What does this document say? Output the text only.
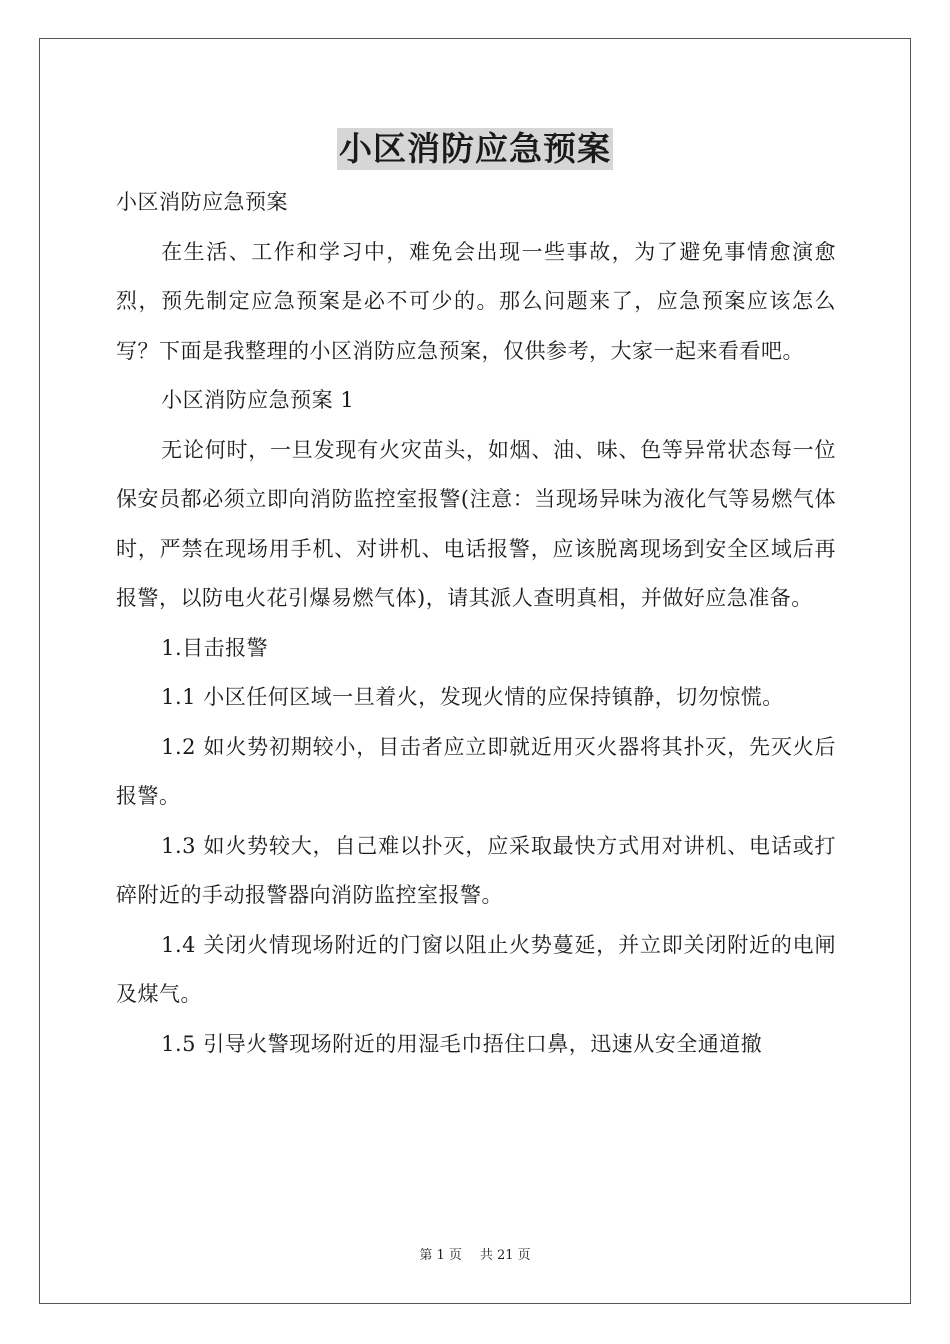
小区消防应急预案

小区消防应急预案

在生活、工作和学习中，难免会出现一些事故，为了避免事情愈演愈烈，预先制定应急预案是必不可少的。那么问题来了，应急预案应该怎么写？下面是我整理的小区消防应急预案，仅供参考，大家一起来看看吧。

小区消防应急预案 1

无论何时，一旦发现有火灾苗头，如烟、油、味、色等异常状态每一位保安员都必须立即向消防监控室报警(注意：当现场异味为液化气等易燃气体时，严禁在现场用手机、对讲机、电话报警，应该脱离现场到安全区域后再报警，以防电火花引爆易燃气体)，请其派人查明真相，并做好应急准备。

1.目击报警

1.1 小区任何区域一旦着火，发现火情的应保持镇静，切勿惊慌。

1.2 如火势初期较小，目击者应立即就近用灭火器将其扑灭，先灭火后报警。

1.3 如火势较大，自己难以扑灭，应采取最快方式用对讲机、电话或打碎附近的手动报警器向消防监控室报警。

1.4 关闭火情现场附近的门窗以阻止火势蔓延，并立即关闭附近的电闸及煤气。

1.5 引导火警现场附近的用湿毛巾捂住口鼻，迅速从安全通道撤

第 1 页 共 21 页
